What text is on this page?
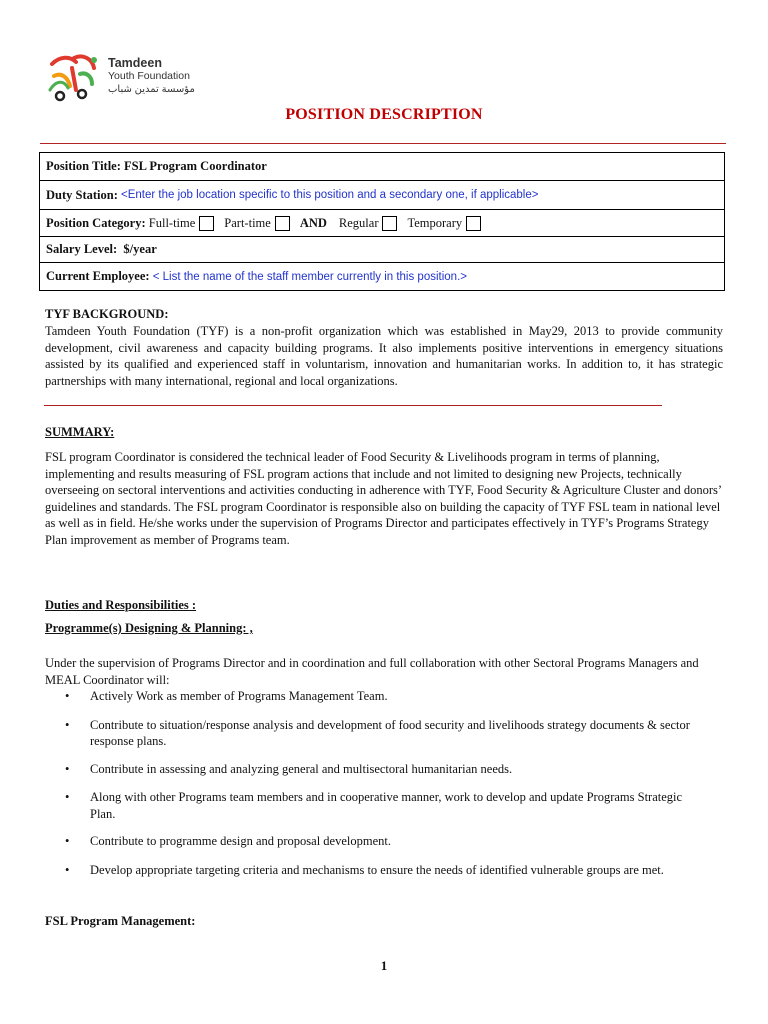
Tamdeen
Youth Foundation
مؤسسة تمدين شباب
POSITION DESCRIPTION
Position Title:
FSL Program Coordinator
Duty Station:
<Enter the job location specific to this position and a secondary one, if applicable>
Position Category:
Full-time Part-time AND Regular Temporary
Salary Level:
$/year
Current Employee:
< List the name of the staff member currently in this position.>
TYF BACKGROUND:
Tamdeen Youth Foundation (TYF) is a non-profit organization which was established in May29, 2013 to provide community development, civil awareness and capacity building programs. It also implements positive interventions in emergency situations assisted by its qualified and experienced staff in voluntarism, innovation and humanitarian works. In addition to, it has strategic partnerships with many international, regional and local organizations.
SUMMARY:
FSL program Coordinator is considered the technical leader of Food Security & Livelihoods program in terms of planning, implementing and results measuring of FSL program actions that include and not limited to designing new Projects, technically overseeing on sectoral interventions and activities conducting in adherence with TYF, Food Security & Agriculture Cluster and donors’ guidelines and standards. The FSL program Coordinator is responsible also on building the capacity of TYF FSL team in national level as well as in field. He/she works under the supervision of Programs Director and participates effectively in TYF’s Programs Strategy Plan improvement as member of Programs team.
Duties and Responsibilities :
Programme(s) Designing & Planning: ,
Under the supervision of Programs Director and in coordination and full collaboration with other Sectoral Programs Managers and MEAL Coordinator will:
• Actively Work as member of Programs Management Team.
• Contribute to situation/response analysis and development of food security and livelihoods strategy documents & sector response plans.
• Contribute in assessing and analyzing general and multisectoral humanitarian needs.
• Along with other Programs team members and in cooperative manner, work to develop and update Programs Strategic Plan.
• Contribute to programme design and proposal development.
• Develop appropriate targeting criteria and mechanisms to ensure the needs of identified vulnerable groups are met.
FSL Program Management:
1
